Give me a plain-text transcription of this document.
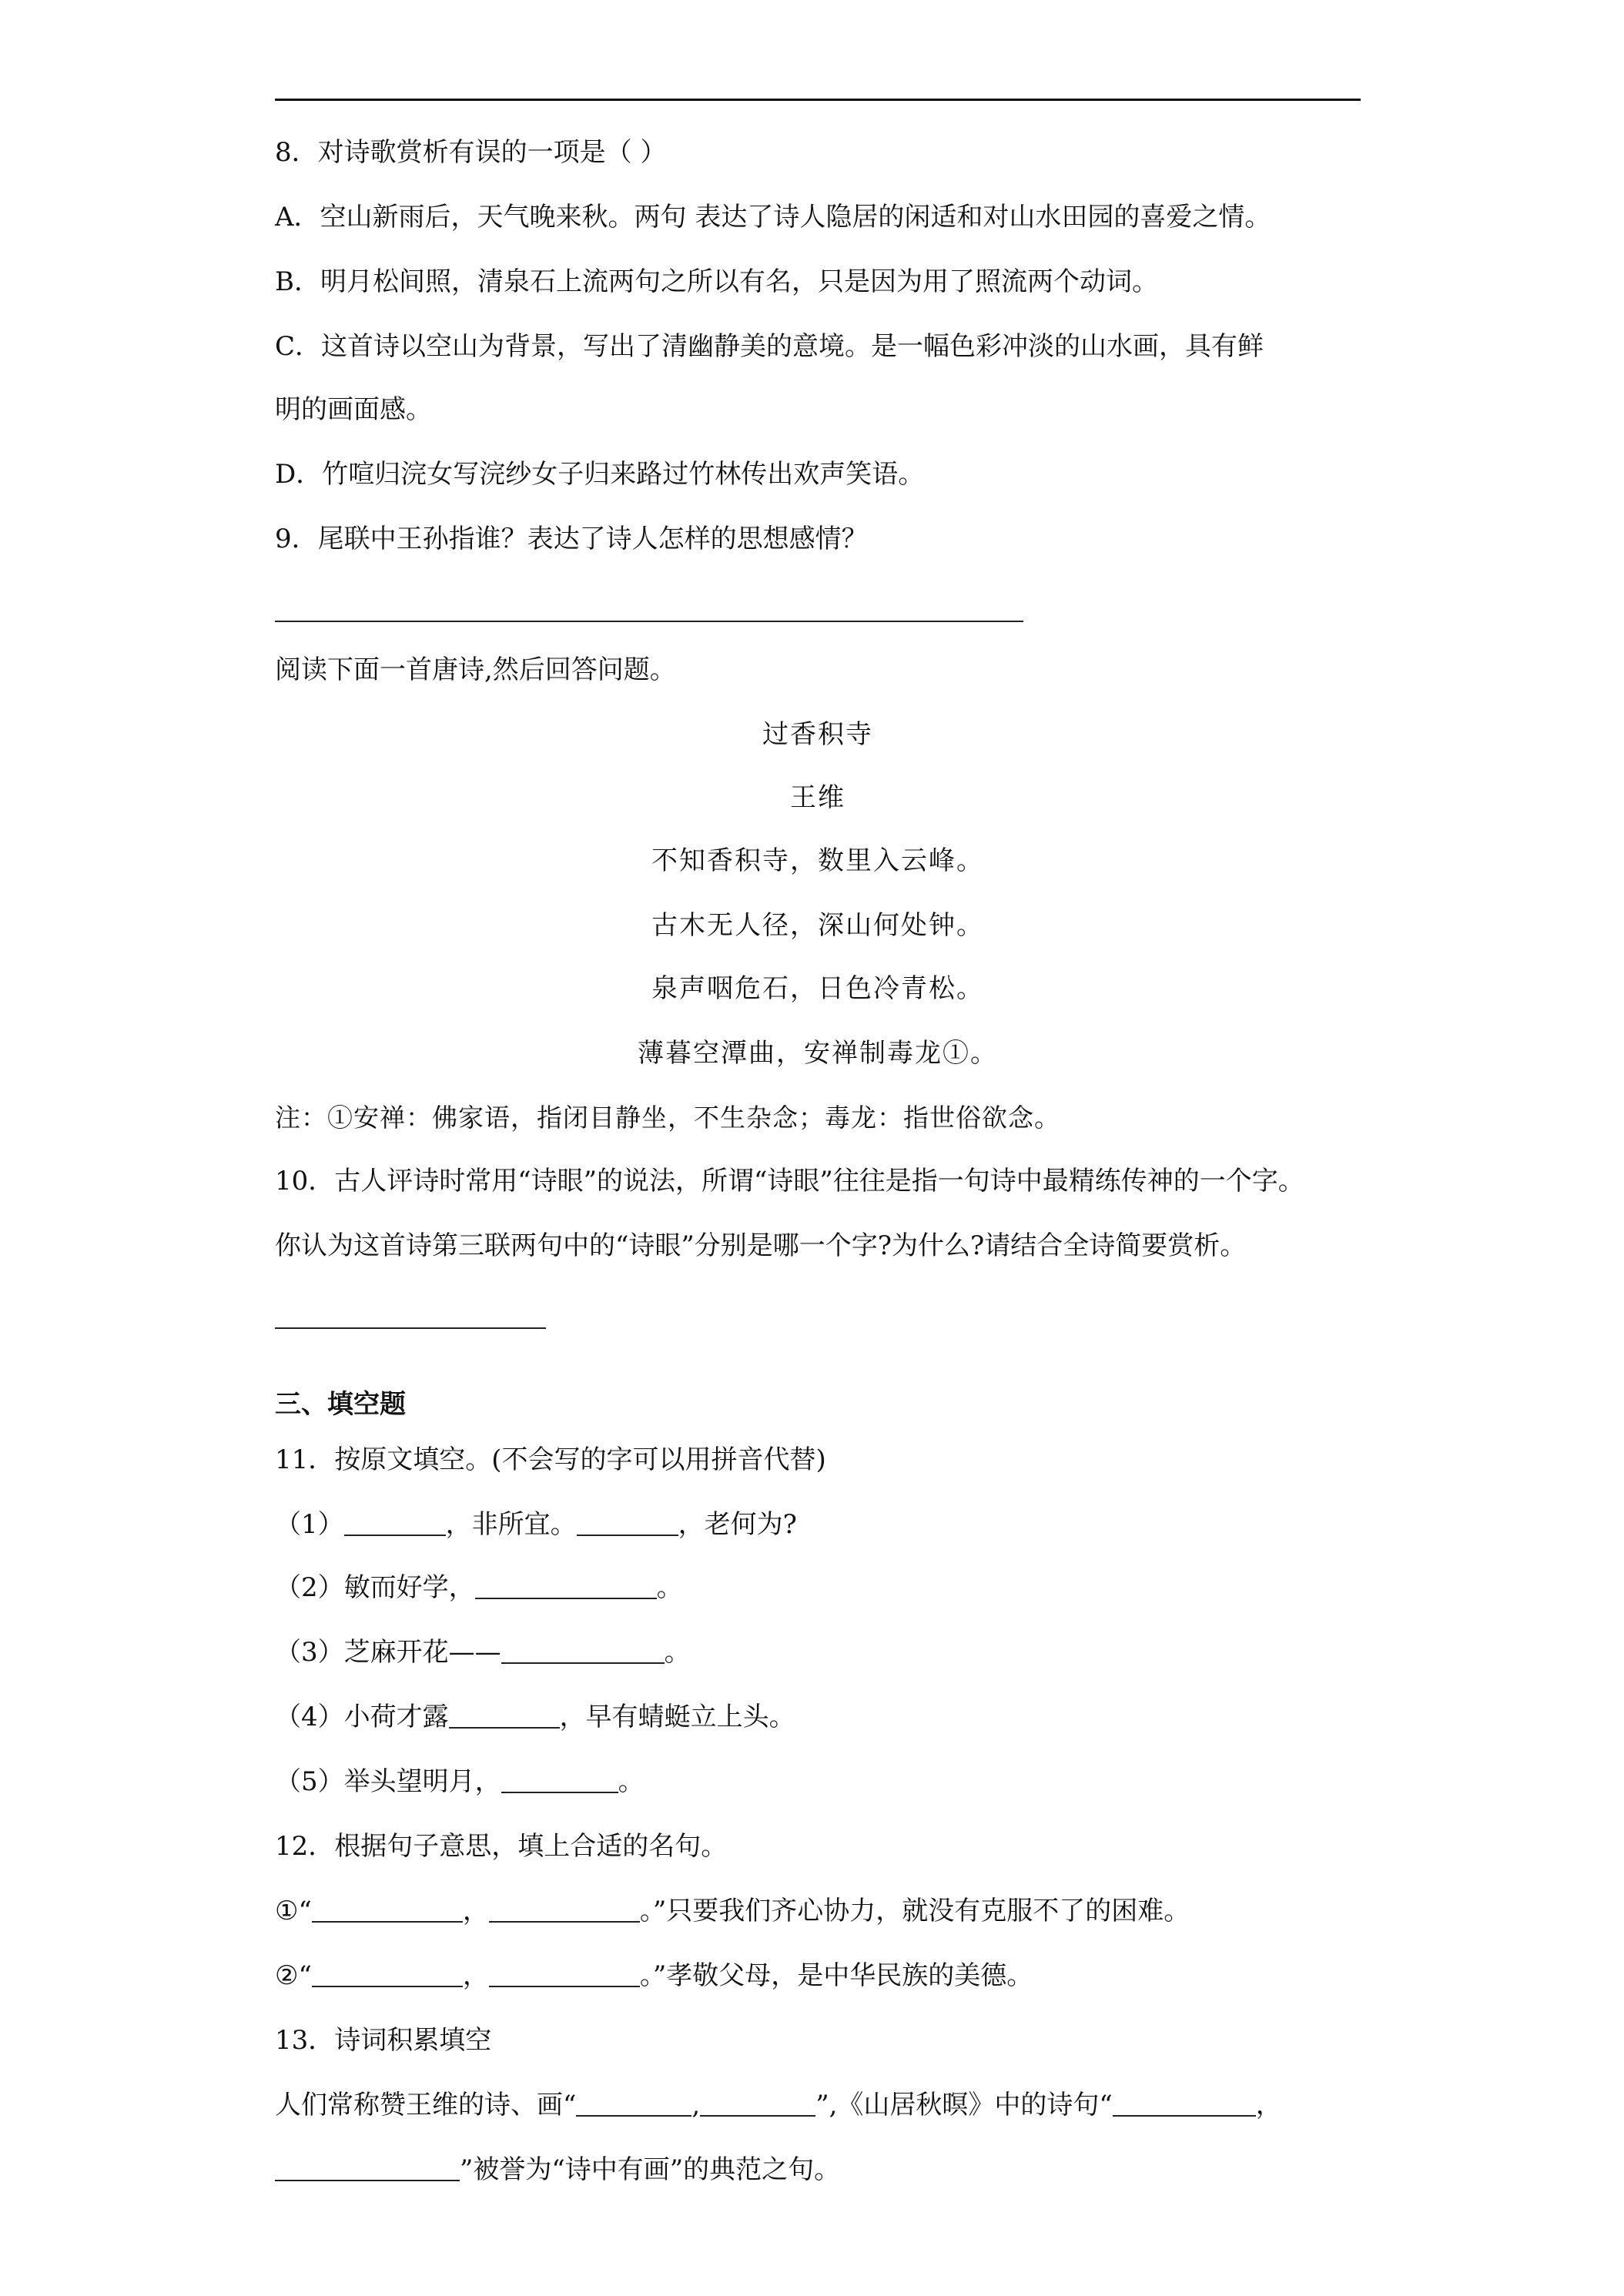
8．对诗歌赏析有误的一项是（ ）
A．空山新雨后，天气晚来秋。两句 表达了诗人隐居的闲适和对山水田园的喜爱之情。
B．明月松间照，清泉石上流两句之所以有名，只是因为用了照流两个动词。
C．这首诗以空山为背景，写出了清幽静美的意境。是一幅色彩冲淡的山水画，具有鲜
明的画面感。
D．竹喧归浣女写浣纱女子归来路过竹林传出欢声笑语。
9．尾联中王孙指谁？表达了诗人怎样的思想感情？
阅读下面一首唐诗,然后回答问题。
过香积寺
王维
不知香积寺，数里入云峰。
古木无人径，深山何处钟。
泉声咽危石，日色冷青松。
薄暮空潭曲，安禅制毒龙①。
注：①安禅：佛家语，指闭目静坐，不生杂念；毒龙：指世俗欲念。
10．古人评诗时常用“诗眼”的说法，所谓“诗眼”往往是指一句诗中最精练传神的一个字。
你认为这首诗第三联两句中的“诗眼”分别是哪一个字?为什么?请结合全诗简要赏析。
三、填空题
11．按原文填空。(不会写的字可以用拼音代替)
（1）	，非所宜。	，老何为?
（2）敏而好学，	。
（3）芝麻开花——	。
（4）小荷才露	，早有蜻蜓立上头。
（5）举头望明月，	。
12．根据句子意思，填上合适的名句。
①“	，	。”只要我们齐心协力，就没有克服不了的困难。
②“	，	。”孝敬父母，是中华民族的美德。
13．诗词积累填空
人们常称赞王维的诗、画“	,	”,《山居秋暝》中的诗句“	，
”被誉为“诗中有画”的典范之句。
